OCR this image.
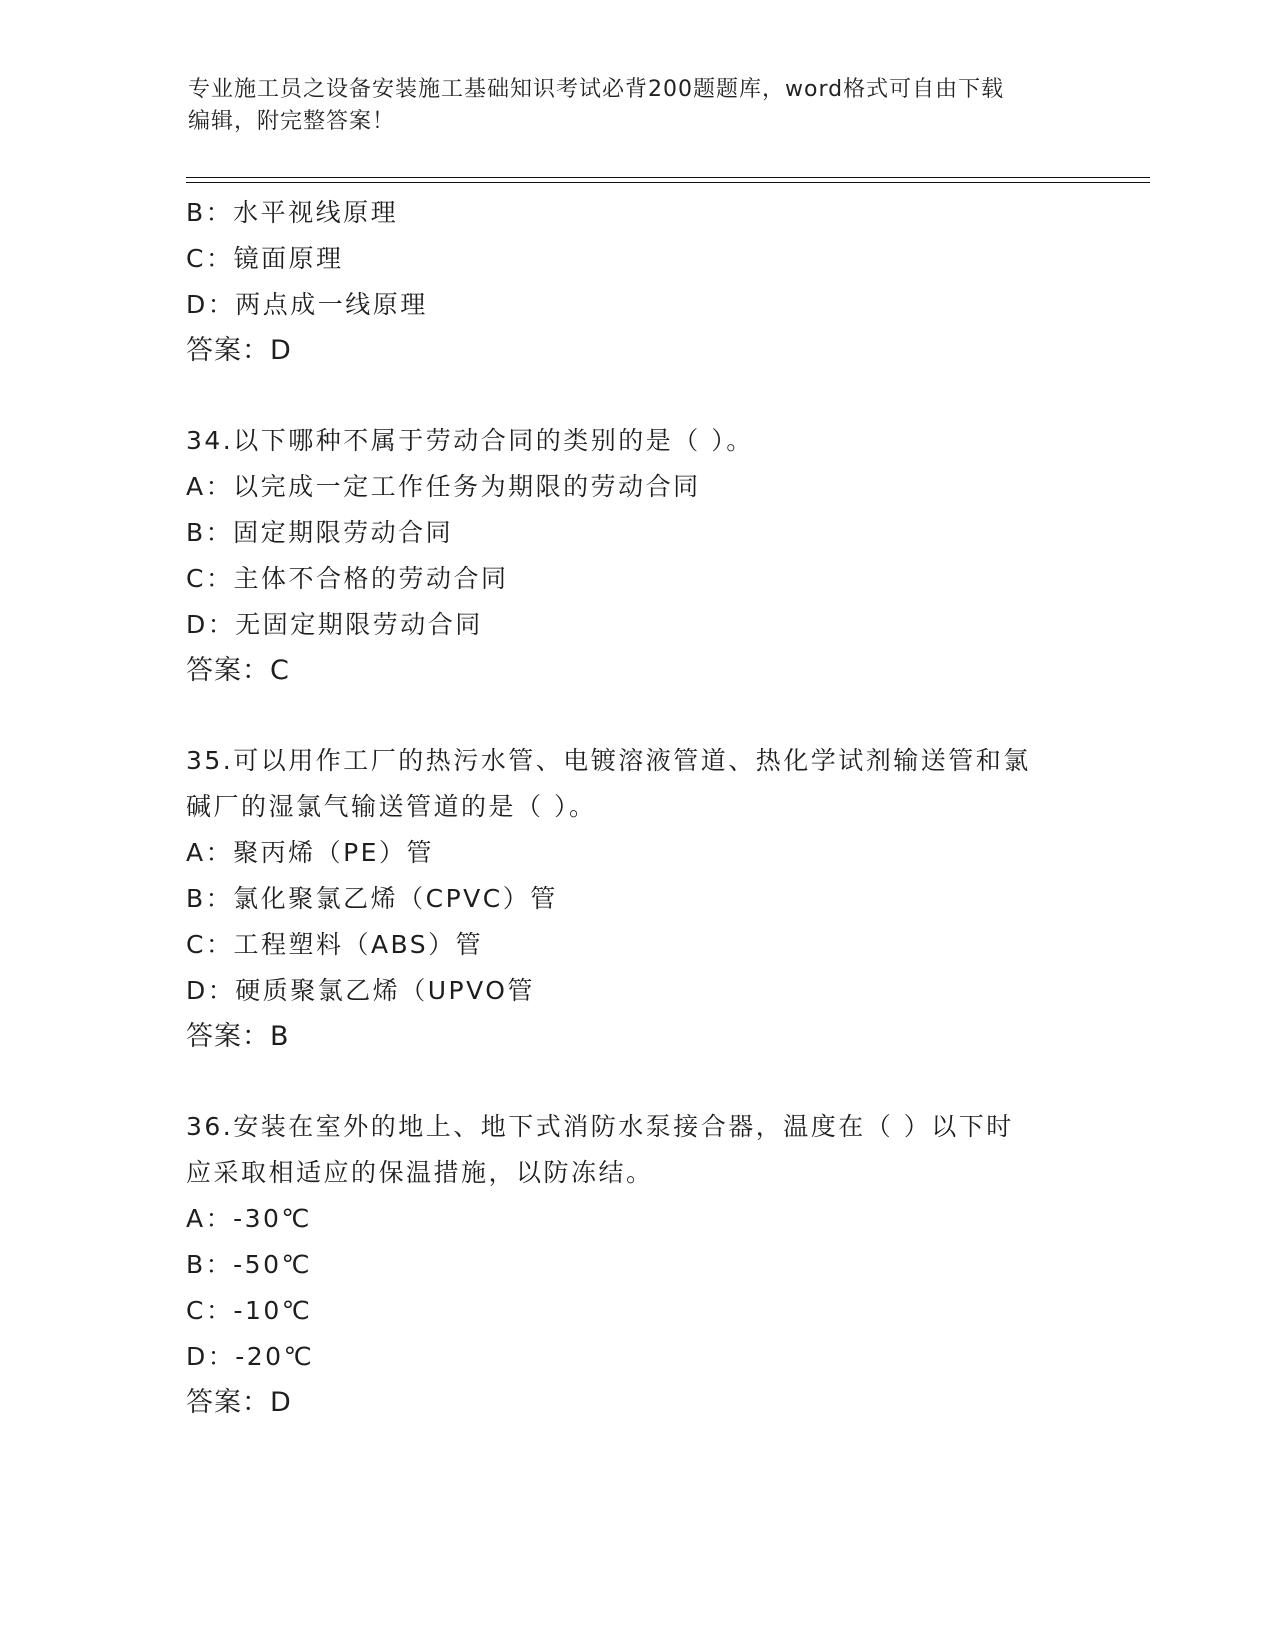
专业施工员之设备安装施工基础知识考试必背200题题库，word格式可自由下载
编辑，附完整答案！
B：水平视线原理
C：镜面原理
D：两点成一线原理
答案：D
34.以下哪种不属于劳动合同的类别的是（ ）。
A：以完成一定工作任务为期限的劳动合同
B：固定期限劳动合同
C：主体不合格的劳动合同
D：无固定期限劳动合同
答案：C
35.可以用作工厂的热污水管、电镀溶液管道、热化学试剂输送管和氯
碱厂的湿氯气输送管道的是（ ）。
A：聚丙烯（PE）管
B：氯化聚氯乙烯（CPVC）管
C：工程塑料（ABS）管
D：硬质聚氯乙烯（UPVO管
答案：B
36.安装在室外的地上、地下式消防水泵接合器，温度在（ ）以下时
应采取相适应的保温措施，以防冻结。
A：-30℃
B：-50℃
C：-10℃
D：-20℃
答案：D
